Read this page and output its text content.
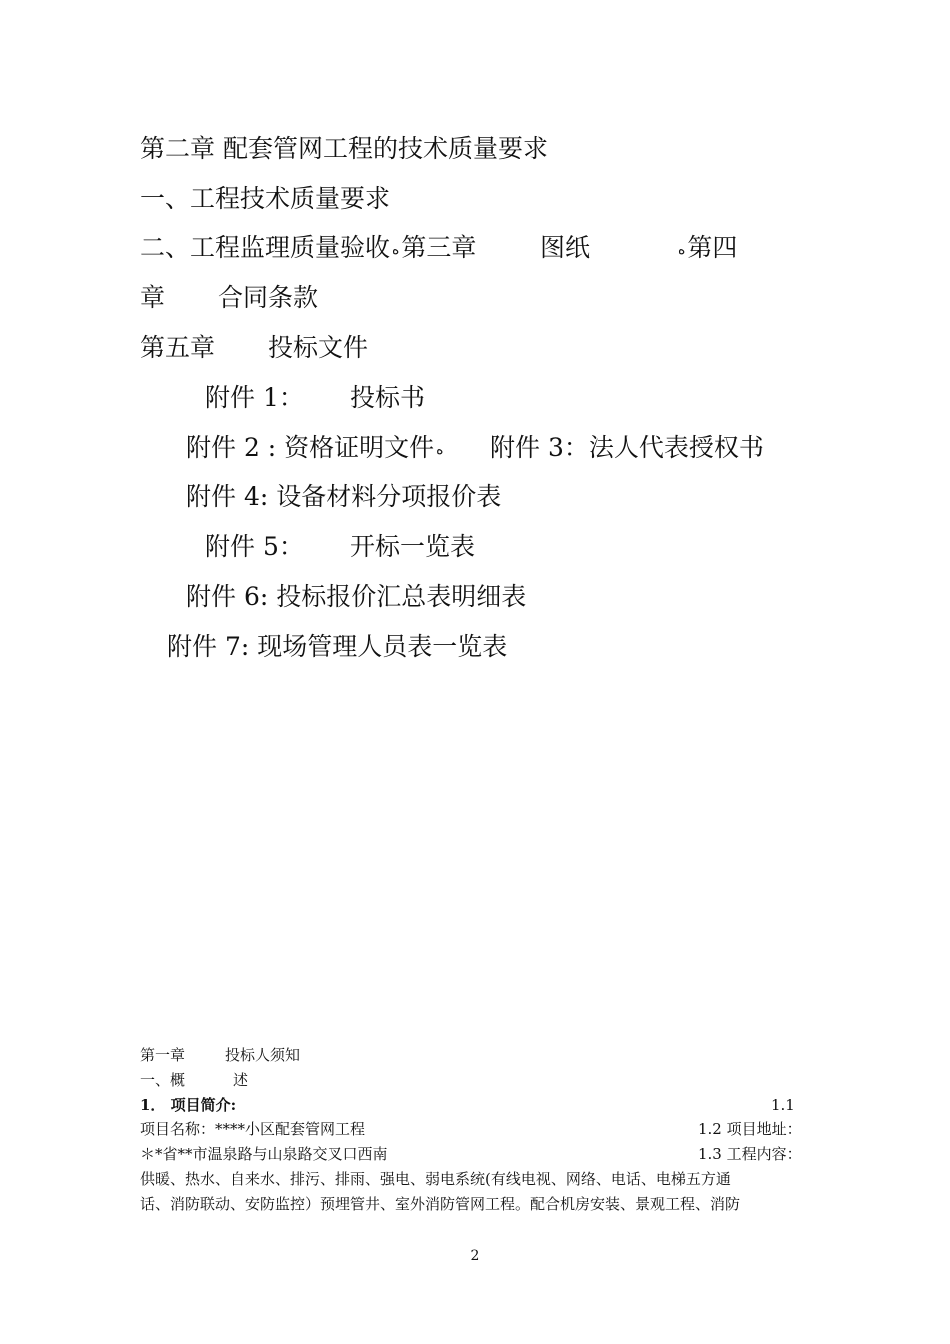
第二章 配套管网工程的技术质量要求
一、工程技术质量要求
二、工程监理质量验收 ﻩ第三章	图纸	ﻩ第四
章 合同条款
第五章 投标文件
附件 1： 投标书
附件 2 : 资格证明文件 ﻩ 附件 3：法人代表授权书
附件 4: 设备材料分项报价表
附件 5： 开标一览表
附件 6: 投标报价汇总表明细表
附件 7: 现场管理人员表一览表
第一章	投标人须知
一、概	述
1． 项目简介:	1.1
项目名称：****小区配套管网工程	1.2 项目地址：
＊*省**市温泉路与山泉路交叉口西南	1.3 工程内容：
供暖、热水、自来水、排污、排雨、强电、弱电系统(有线电视、网络、电话、电梯五方通
话、消防联动、安防监控）预埋管井、室外消防管网工程。配合机房安装、景观工程、消防
2
